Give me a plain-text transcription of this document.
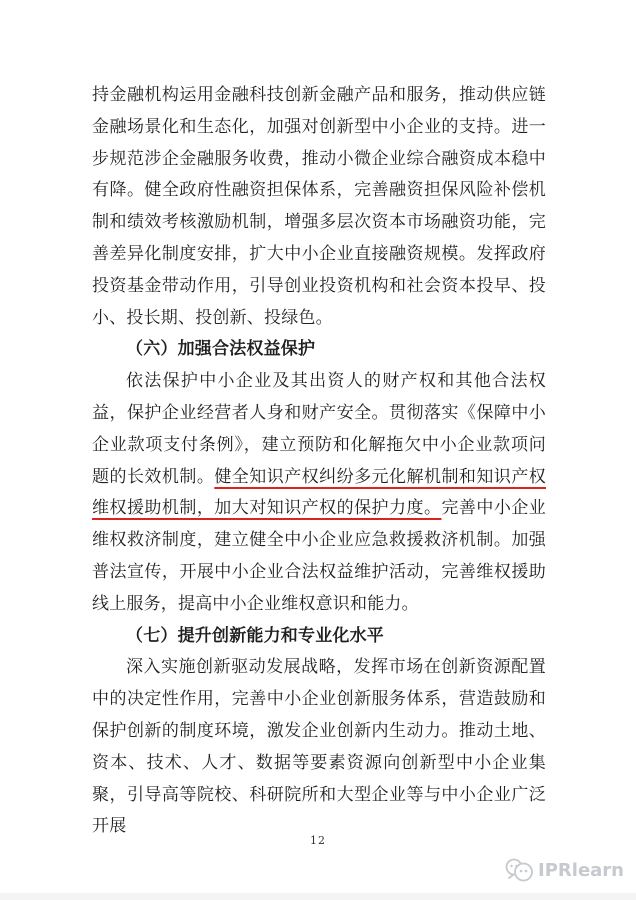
持金融机构运用金融科技创新金融产品和服务，推动供应链金融场景化和生态化，加强对创新型中小企业的支持。进一步规范涉企金融服务收费，推动小微企业综合融资成本稳中有降。健全政府性融资担保体系，完善融资担保风险补偿机制和绩效考核激励机制，增强多层次资本市场融资功能，完善差异化制度安排，扩大中小企业直接融资规模。发挥政府投资基金带动作用，引导创业投资机构和社会资本投早、投小、投长期、投创新、投绿色。

（六）加强合法权益保护

依法保护中小企业及其出资人的财产权和其他合法权益，保护企业经营者人身和财产安全。贯彻落实《保障中小企业款项支付条例》，建立预防和化解拖欠中小企业款项问题的长效机制。健全知识产权纠纷多元化解机制和知识产权维权援助机制，加大对知识产权的保护力度。完善中小企业维权救济制度，建立健全中小企业应急救援救济机制。加强普法宣传，开展中小企业合法权益维护活动，完善维权援助线上服务，提高中小企业维权意识和能力。

（七）提升创新能力和专业化水平

深入实施创新驱动发展战略，发挥市场在创新资源配置中的决定性作用，完善中小企业创新服务体系，营造鼓励和保护创新的制度环境，激发企业创新内生动力。推动土地、资本、技术、人才、数据等要素资源向创新型中小企业集聚，引导高等院校、科研院所和大型企业等与中小企业广泛开展

12
IPRlearn
